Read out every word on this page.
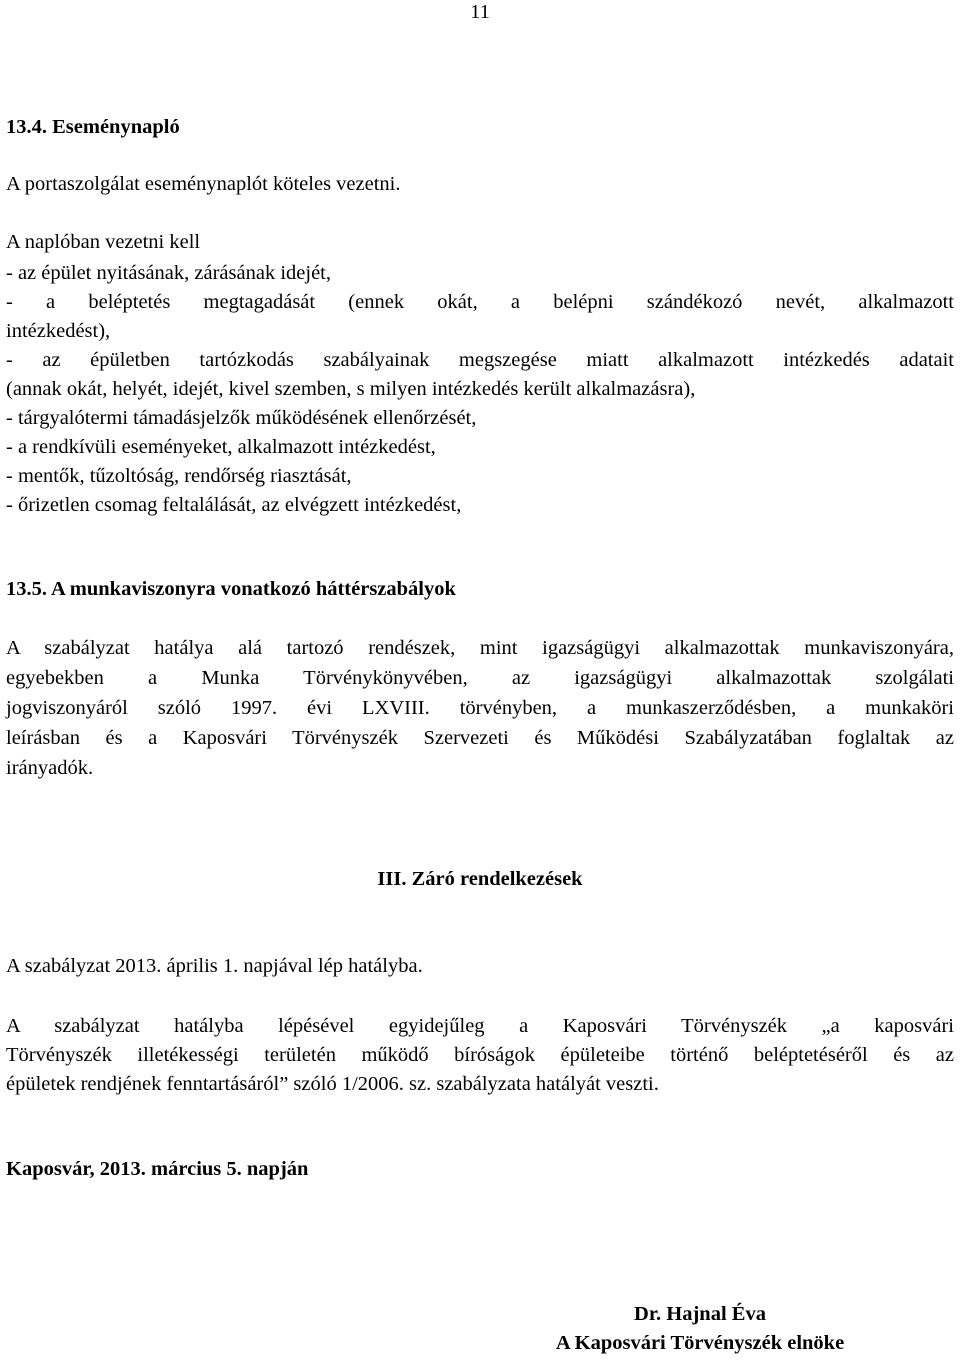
11
13.4. Eseménynapló
A portaszolgálat eseménynaplót köteles vezetni.
A naplóban vezetni kell
- az épület nyitásának, zárásának idejét,
- a beléptetés megtagadását (ennek okát, a belépni szándékozó nevét, alkalmazott
intézkedést),
- az épületben tartózkodás szabályainak megszegése miatt alkalmazott intézkedés adatait
(annak okát, helyét, idejét, kivel szemben, s milyen intézkedés került alkalmazásra),
- tárgyalótermi támadásjelzők működésének ellenőrzését,
- a rendkívüli eseményeket, alkalmazott intézkedést,
- mentők, tűzoltóság, rendőrség riasztását,
- őrizetlen csomag feltalálását, az elvégzett intézkedést,
13.5. A munkaviszonyra vonatkozó háttérszabályok
A szabályzat hatálya alá tartozó rendészek, mint igazságügyi alkalmazottak munkaviszonyára,
egyebekben a Munka Törvénykönyvében, az igazságügyi alkalmazottak szolgálati
jogviszonyáról szóló 1997. évi LXVIII. törvényben, a munkaszerződésben, a munkaköri
leírásban és a Kaposvári Törvényszék Szervezeti és Működési Szabályzatában foglaltak az
irányadók.
III. Záró rendelkezések
A szabályzat 2013. április 1. napjával lép hatályba.
A szabályzat hatályba lépésével egyidejűleg a Kaposvári Törvényszék „a kaposvári
Törvényszék illetékességi területén működő bíróságok épületeibe történő beléptetéséről és az
épületek rendjének fenntartásáról” szóló 1/2006. sz. szabályzata hatályát veszti.
Kaposvár, 2013. március 5. napján
Dr. Hajnal Éva
A Kaposvári Törvényszék elnöke
